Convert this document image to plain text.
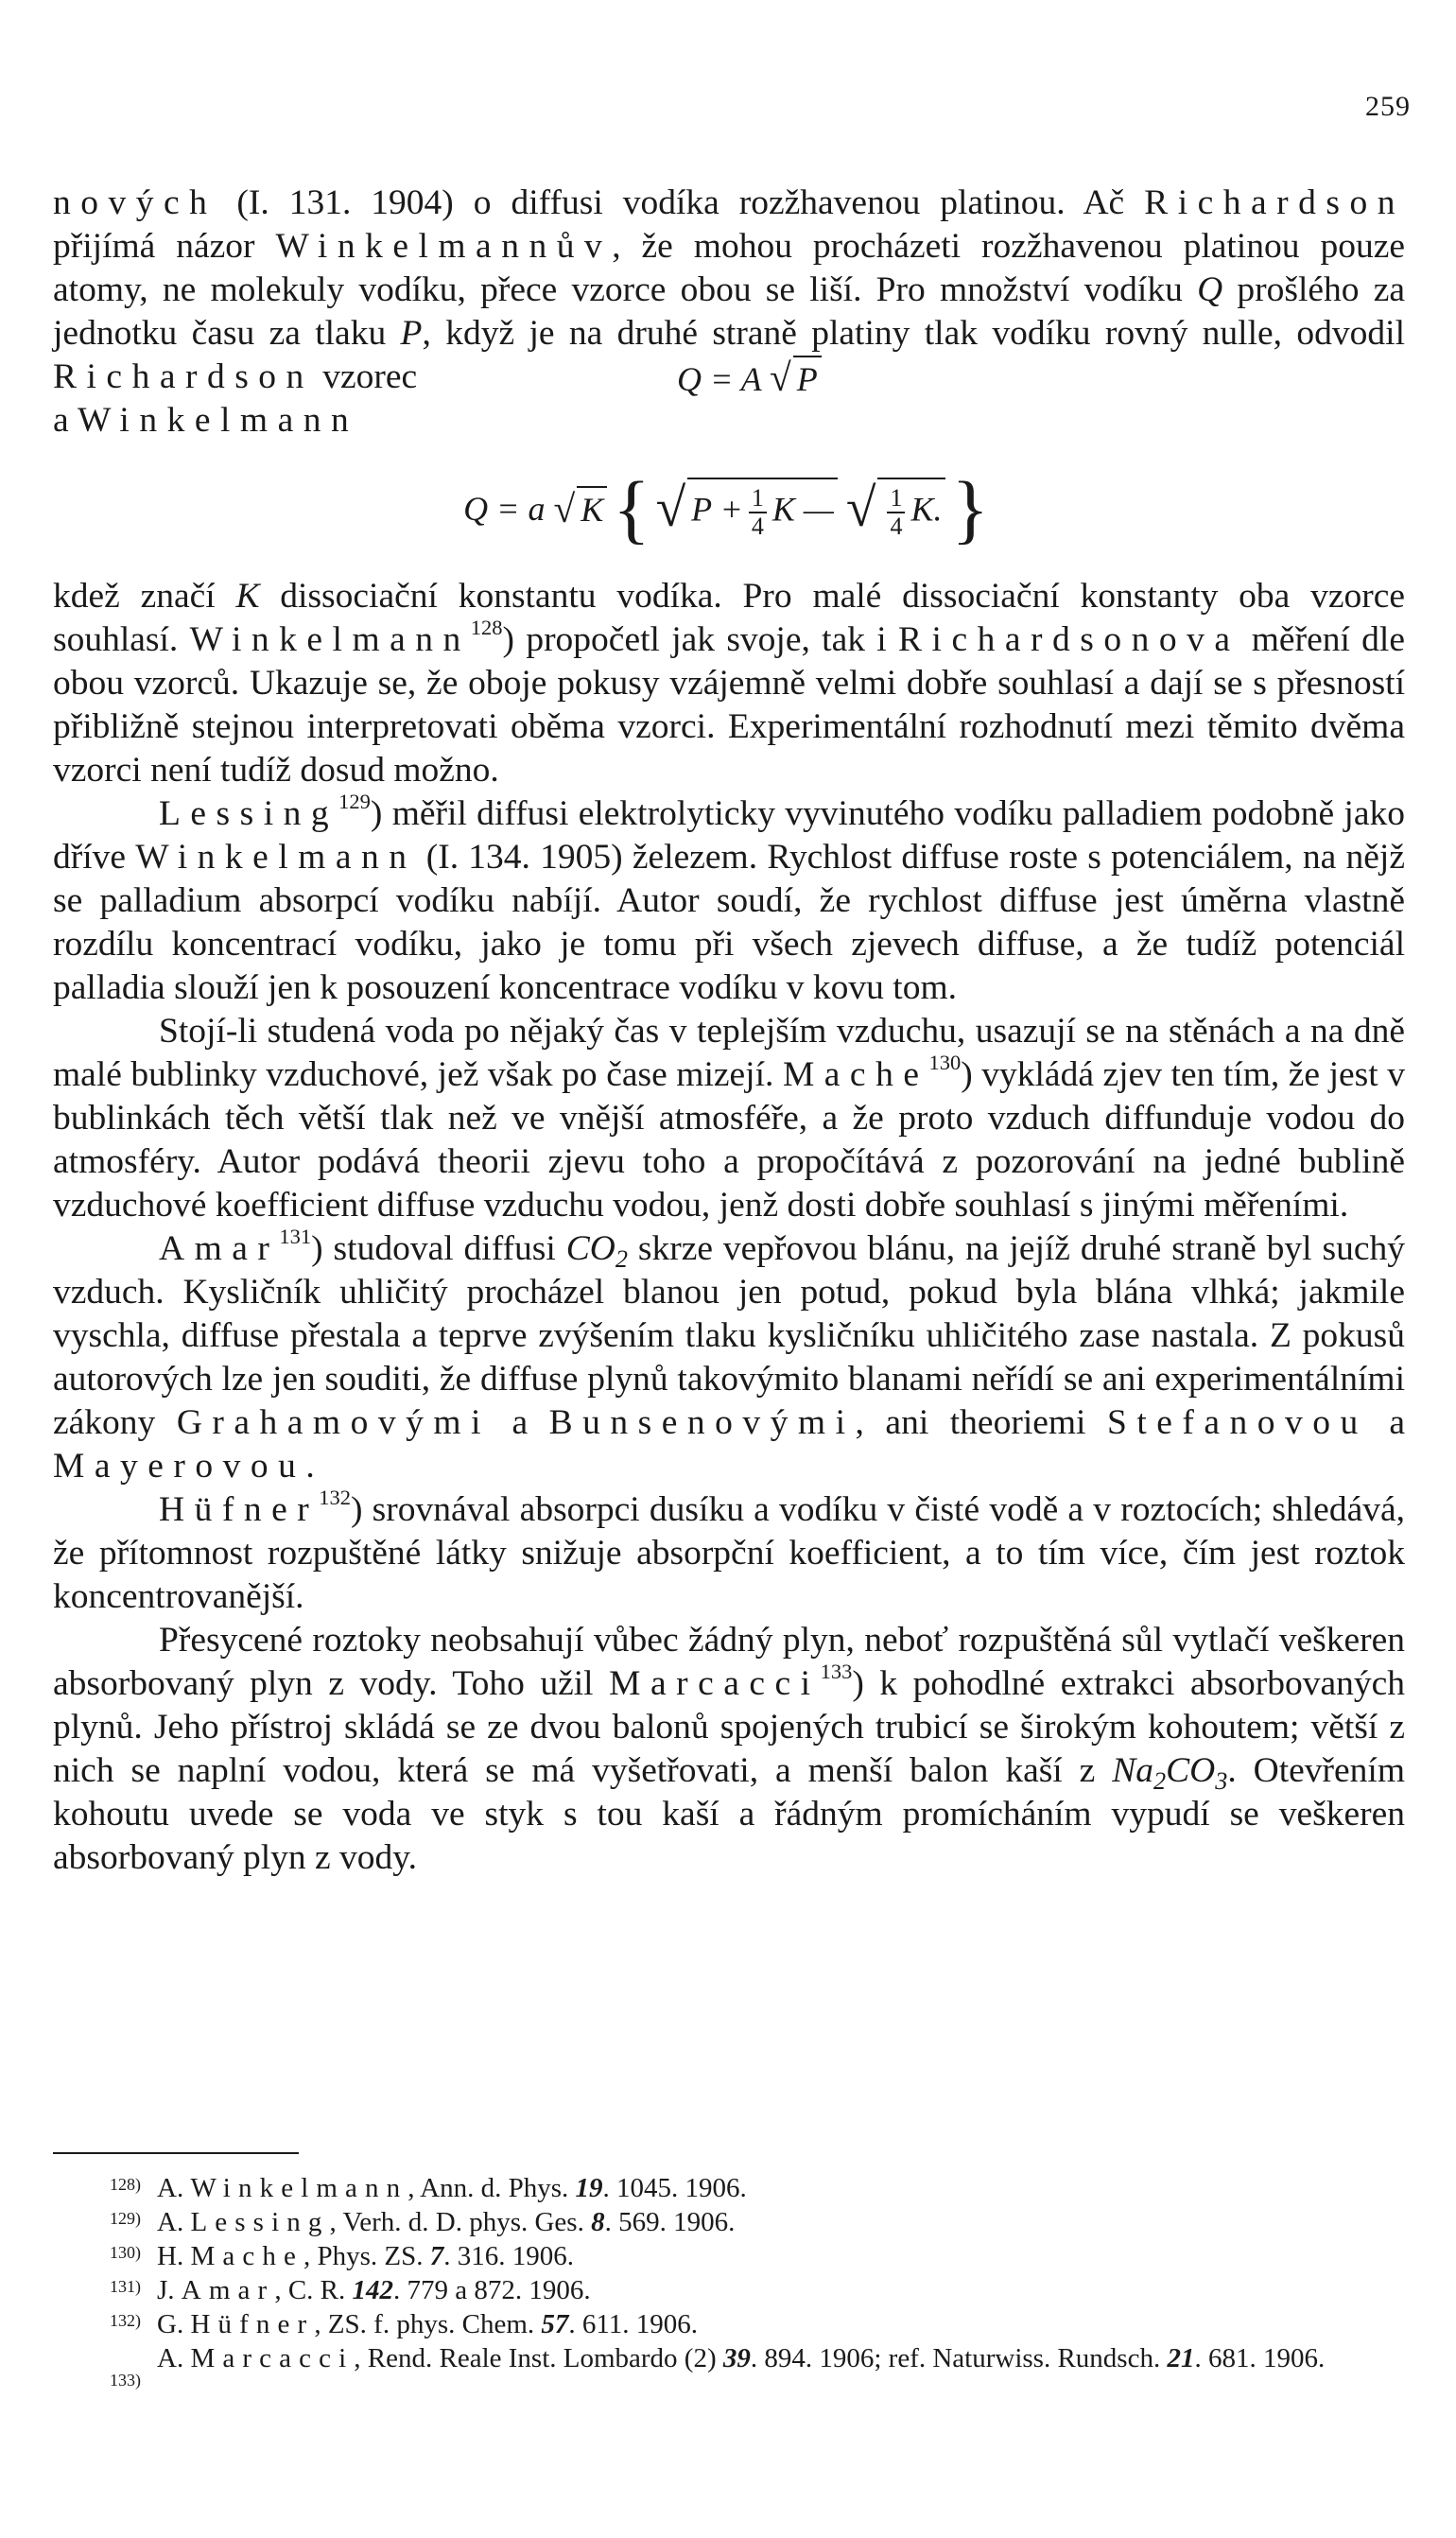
259

nových (I. 131. 1904) o diffusi vodíka rozžhavenou platinou. Ač Richardson přijímá názor Winkelmannův, že mohou procházeti rozžhavenou platinou pouze atomy, ne molekuly vodíku, přece vzorce obou se liší. Pro množství vodíku Q prošlého za jednotku času za tlaku P, když je na druhé straně platiny tlak vodíku rovný nulle, odvodil Richardson vzorec	Q = A √ P

a Winkelmann

Q = a
√ K { √ $P + \frac{1}{4}$ K —
√ $\frac{1}{4} K$. }

kdež značí K dissociační konstantu vodíka. Pro malé dissociační konstanty oba vzorce souhlasí. Winkelmann$^{128}$) propočetl jak svoje, tak i Richardsonova měření dle obou vzorců. Ukazuje se, že oboje pokusy vzájemně velmi dobře souhlasí a dají se s přesností přibližně stejnou interpretovati oběma vzorci. Experimentální rozhodnutí mezi těmito dvěma vzorci není tudíž dosud možno.

Lessing$^{129}$) měřil diffusi elektrolyticky vyvinutého vodíku palladiem podobně jako dříve Winkelmann (I. 134. 1905) železem. Rychlost diffuse roste s potenciálem, na nějž se palladium absorpcí vodíku nabíjí. Autor soudí, že rychlost diffuse jest úměrna vlastně rozdílu koncentrací vodíku, jako je tomu při všech zjevech diffuse, a že tudíž potenciál palladia slouží jen k posouzení koncentrace vodíku v kovu tom.

Stojí-li studená voda po nějaký čas v teplejším vzduchu, usazují se na stěnách a na dně malé bublinky vzduchové, jež však po čase mizejí. Mache$^{130}$) vykládá zjev ten tím, že jest v bublinkách těch větší tlak než ve vnější atmosféře, a že proto vzduch diffunduje vodou do atmosféry. Autor podává theorii zjevu toho a propočítává z pozorování na jedné bublině vzduchové koefficient diffuse vzduchu vodou, jenž dosti dobře souhlasí s jinými měřeními.

Amar$^{131}$) studoval diffusi $CO_2$ skrze vepřovou blánu, na jejíž druhé straně byl suchý vzduch. Kysličník uhličitý procházel blanou jen potud, pokud byla blána vlhká; jakmile vyschla, diffuse přestala a teprve zvýšením tlaku kysličníku uhličitého zase nastala. Z pokusů autorových lze jen souditi, že diffuse plynů takovýmito blanami neřídí se ani experimentálními zákony Grahamovými a Bunsenovými, ani theoriemi Stefanovou a Mayerovou.

Hüfner$^{132}$) srovnával absorpci dusíku a vodíku v čisté vodě a v roztocích; shledává, že přítomnost rozpuštěné látky snižuje absorpční koefficient, a to tím více, čím jest roztok koncentrovanější.

Přesycené roztoky neobsahují vůbec žádný plyn, neboť rozpuštěná sůl vytlačí veškeren absorbovaný plyn z vody. Toho užil Marcacci$^{133}$) k pohodlné extrakci absorbovaných plynů. Jeho přístroj skládá se ze dvou balonů spojených trubicí se širokým kohoutem; větší z nich se naplní vodou, která se má vyšetřovati, a menší balon kaší z $Na_2CO_3$. Otevřením kohoutu uvede se voda ve styk s tou kaší a řádným promícháním vypudí se veškeren absorbovaný plyn z vody.

128) A. Winkelmann, Ann. d. Phys. 19. 1045. 1906.
129) A. Lessing, Verh. d. D. phys. Ges. 8. 569. 1906.
130) H. Mache, Phys. ZS. 7. 316. 1906.
131) J. Amar, C. R. 142. 779 a 872. 1906.
132) G. Hüfner, ZS. f. phys. Chem. 57. 611. 1906.
133)
A. Marcacci, Rend. Reale Inst. Lombardo (2) 39. 894. 1906; ref. Naturwiss. Rundsch. 21. 681. 1906.
